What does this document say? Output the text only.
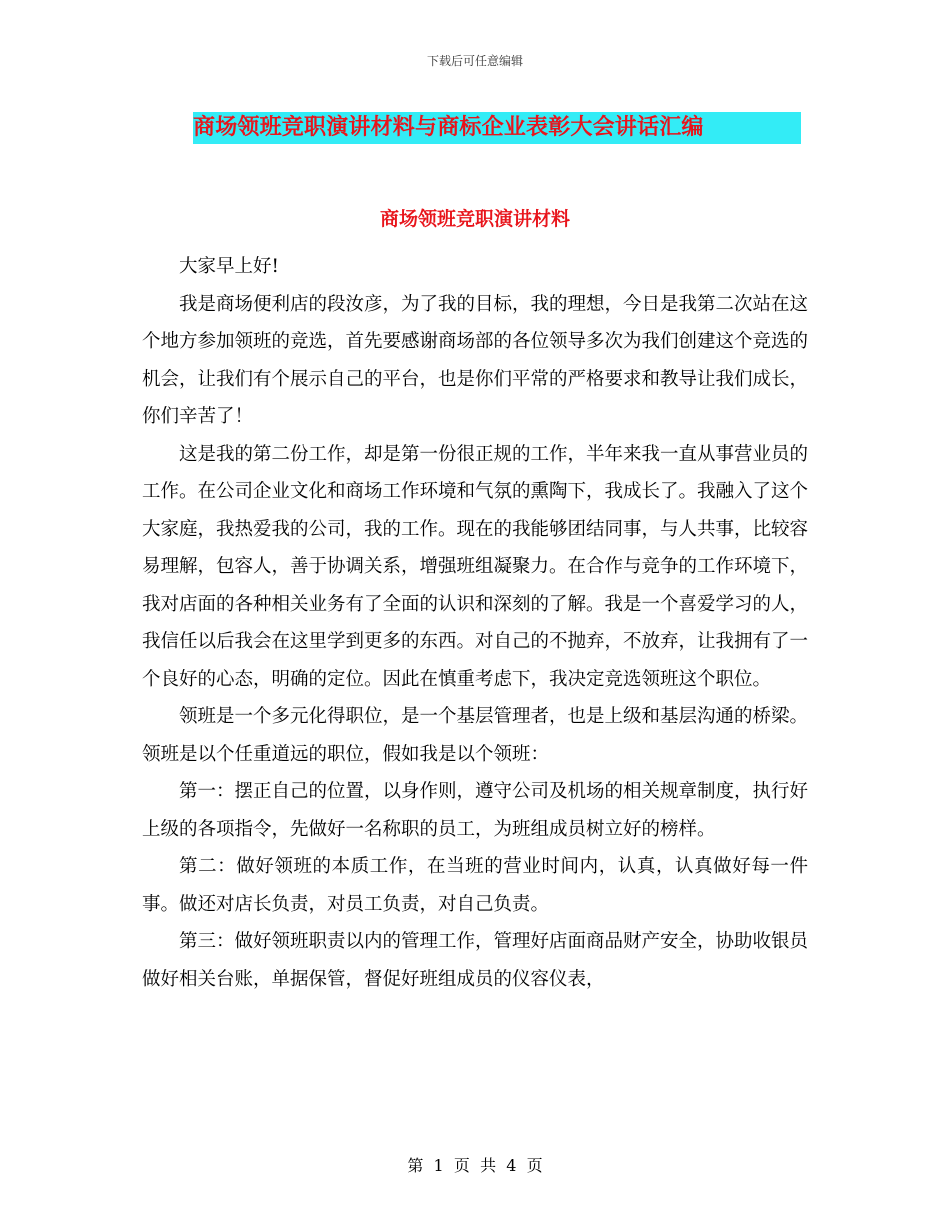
下载后可任意编辑
商场领班竞职演讲材料与商标企业表彰大会讲话汇编
商场领班竞职演讲材料

大家早上好!

我是商场便利店的段汝彦，为了我的目标，我的理想，今日是我第二次站在这个地方参加领班的竞选，首先要感谢商场部的各位领导多次为我们创建这个竞选的机会，让我们有个展示自己的平台，也是你们平常的严格要求和教导让我们成长，你们辛苦了！

这是我的第二份工作，却是第一份很正规的工作，半年来我一直从事营业员的工作。在公司企业文化和商场工作环境和气氛的熏陶下，我成长了。我融入了这个大家庭，我热爱我的公司，我的工作。现在的我能够团结同事，与人共事，比较容易理解，包容人，善于协调关系，增强班组凝聚力。在合作与竞争的工作环境下，我对店面的各种相关业务有了全面的认识和深刻的了解。我是一个喜爱学习的人，我信任以后我会在这里学到更多的东西。对自己的不抛弃，不放弃，让我拥有了一个良好的心态，明确的定位。因此在慎重考虑下，我决定竞选领班这个职位。

领班是一个多元化得职位，是一个基层管理者，也是上级和基层沟通的桥梁。领班是以个任重道远的职位，假如我是以个领班：

第一：摆正自己的位置，以身作则，遵守公司及机场的相关规章制度，执行好上级的各项指令，先做好一名称职的员工，为班组成员树立好的榜样。

第二：做好领班的本质工作，在当班的营业时间内，认真，认真做好每一件事。做还对店长负责，对员工负责，对自己负责。

第三：做好领班职责以内的管理工作，管理好店面商品财产安全，协助收银员做好相关台账，单据保管，督促好班组成员的仪容仪表，

第  1  页  共  4  页
